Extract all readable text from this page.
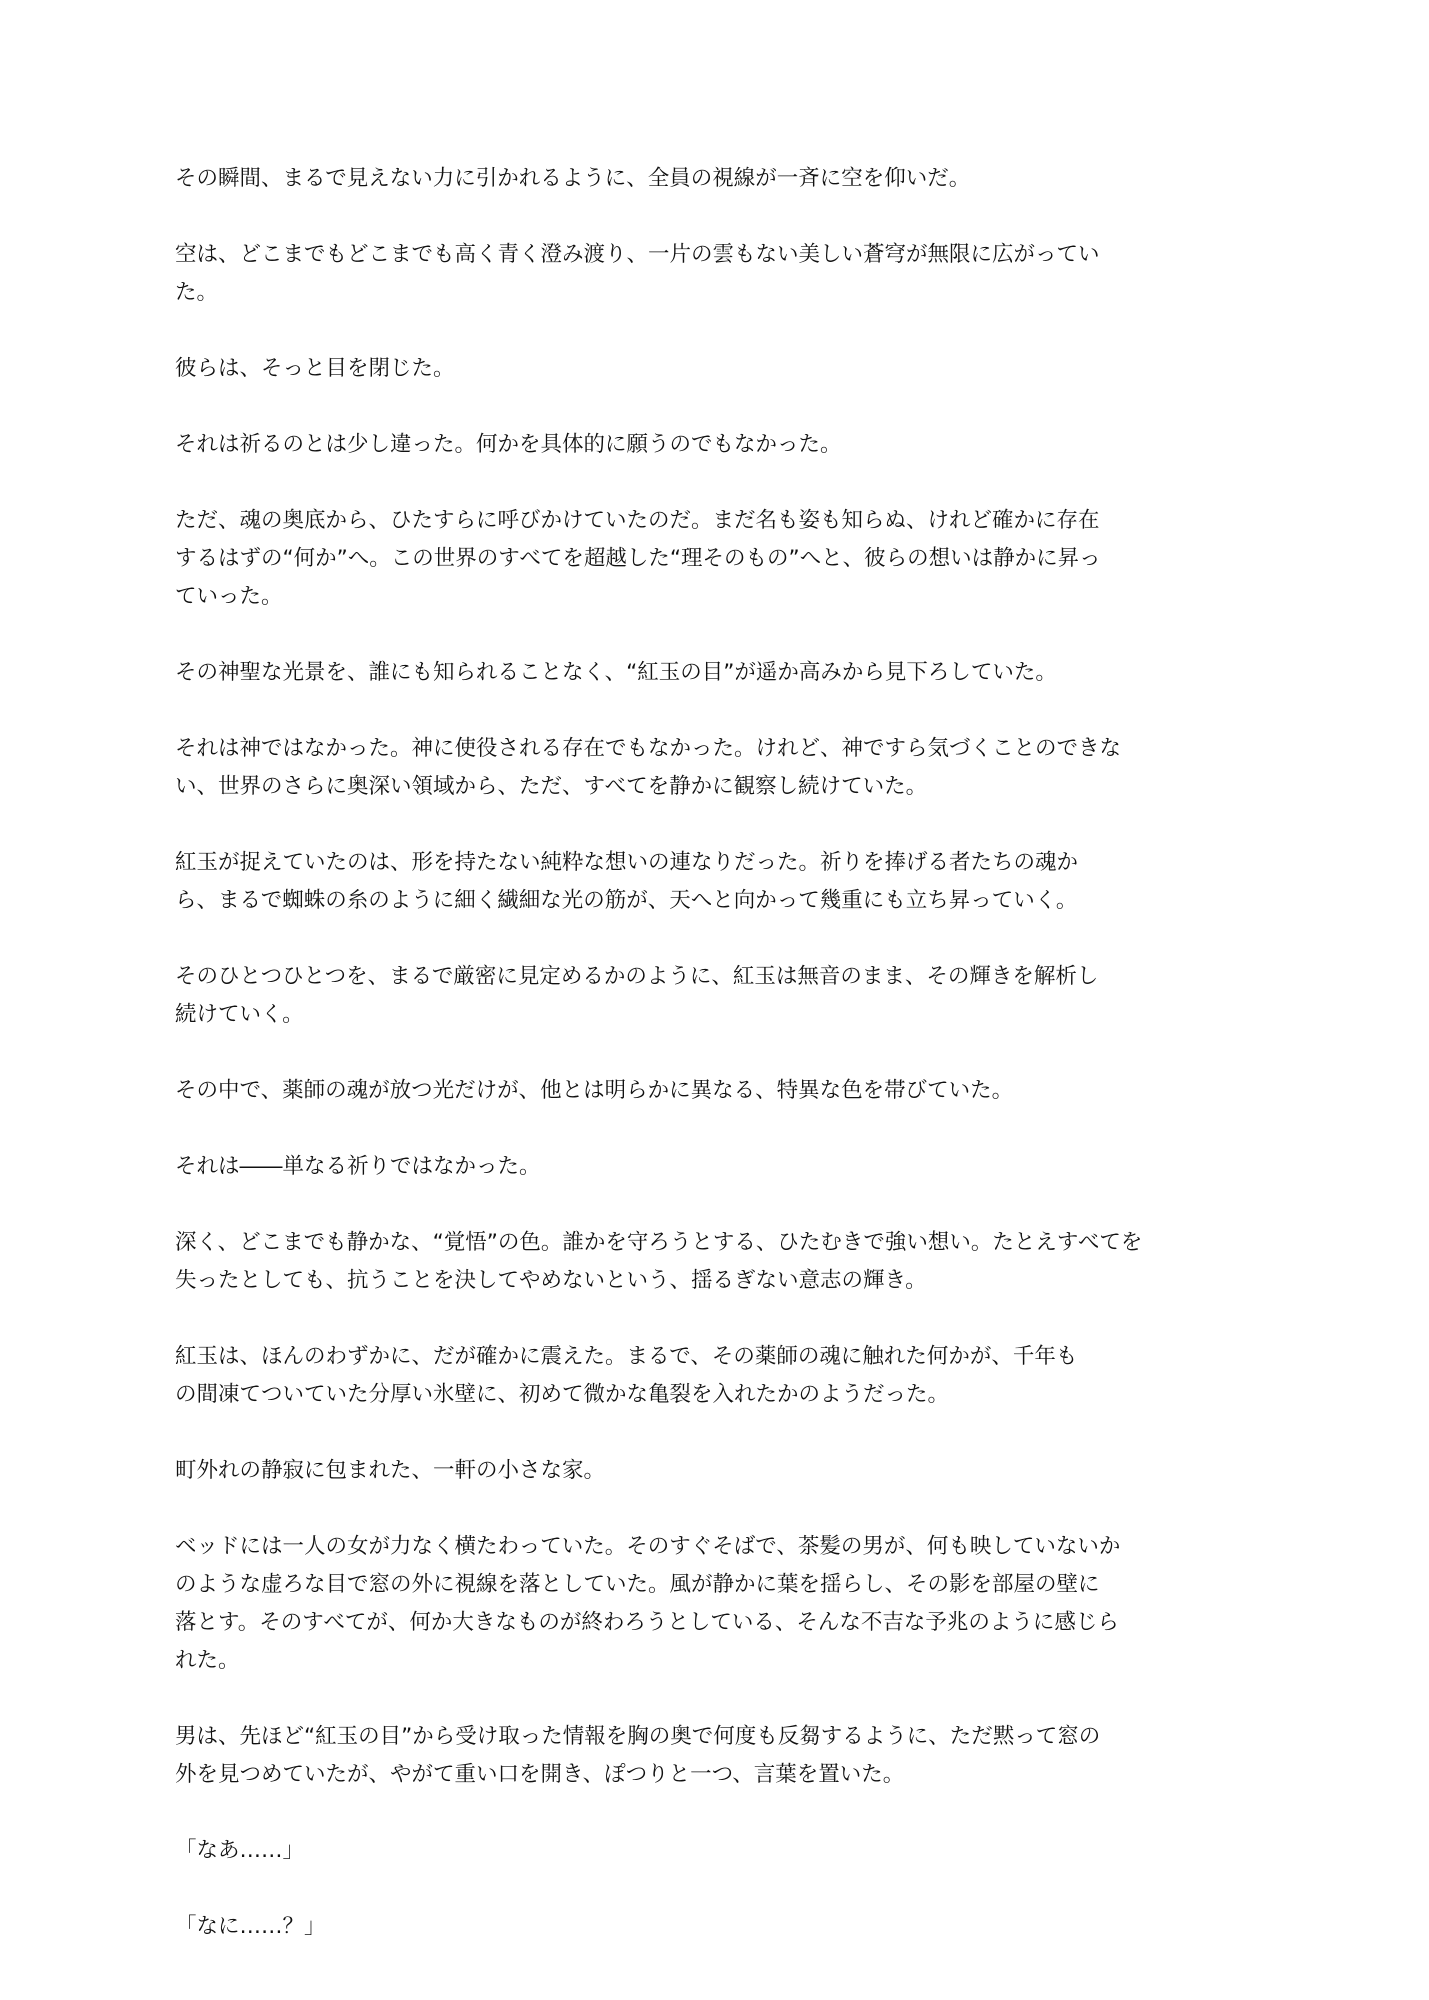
その瞬間、まるで見えない力に引かれるように、全員の視線が一斉に空を仰いだ。

空は、どこまでもどこまでも高く青く澄み渡り、一片の雲もない美しい蒼穹が無限に広がってい
た。

彼らは、そっと目を閉じた。

それは祈るのとは少し違った。何かを具体的に願うのでもなかった。

ただ、魂の奥底から、ひたすらに呼びかけていたのだ。まだ名も姿も知らぬ、けれど確かに存在
するはずの“何か”へ。この世界のすべてを超越した“理そのもの”へと、彼らの想いは静かに昇っ
ていった。

その神聖な光景を、誰にも知られることなく、“紅玉の目”が遥か高みから見下ろしていた。

それは神ではなかった。神に使役される存在でもなかった。けれど、神ですら気づくことのできな
い、世界のさらに奥深い領域から、ただ、すべてを静かに観察し続けていた。

紅玉が捉えていたのは、形を持たない純粋な想いの連なりだった。祈りを捧げる者たちの魂か
ら、まるで蜘蛛の糸のように細く繊細な光の筋が、天へと向かって幾重にも立ち昇っていく。

そのひとつひとつを、まるで厳密に見定めるかのように、紅玉は無音のまま、その輝きを解析し
続けていく。

その中で、薬師の魂が放つ光だけが、他とは明らかに異なる、特異な色を帯びていた。

それは――単なる祈りではなかった。

深く、どこまでも静かな、“覚悟”の色。誰かを守ろうとする、ひたむきで強い想い。たとえすべてを
失ったとしても、抗うことを決してやめないという、揺るぎない意志の輝き。

紅玉は、ほんのわずかに、だが確かに震えた。まるで、その薬師の魂に触れた何かが、千年も
の間凍てついていた分厚い氷壁に、初めて微かな亀裂を入れたかのようだった。

町外れの静寂に包まれた、一軒の小さな家。

ベッドには一人の女が力なく横たわっていた。そのすぐそばで、茶髪の男が、何も映していないか
のような虚ろな目で窓の外に視線を落としていた。風が静かに葉を揺らし、その影を部屋の壁に
落とす。そのすべてが、何か大きなものが終わろうとしている、そんな不吉な予兆のように感じら
れた。

男は、先ほど“紅玉の目”から受け取った情報を胸の奥で何度も反芻するように、ただ黙って窓の
外を見つめていたが、やがて重い口を開き、ぽつりと一つ、言葉を置いた。

「なあ……」

「なに……？」
